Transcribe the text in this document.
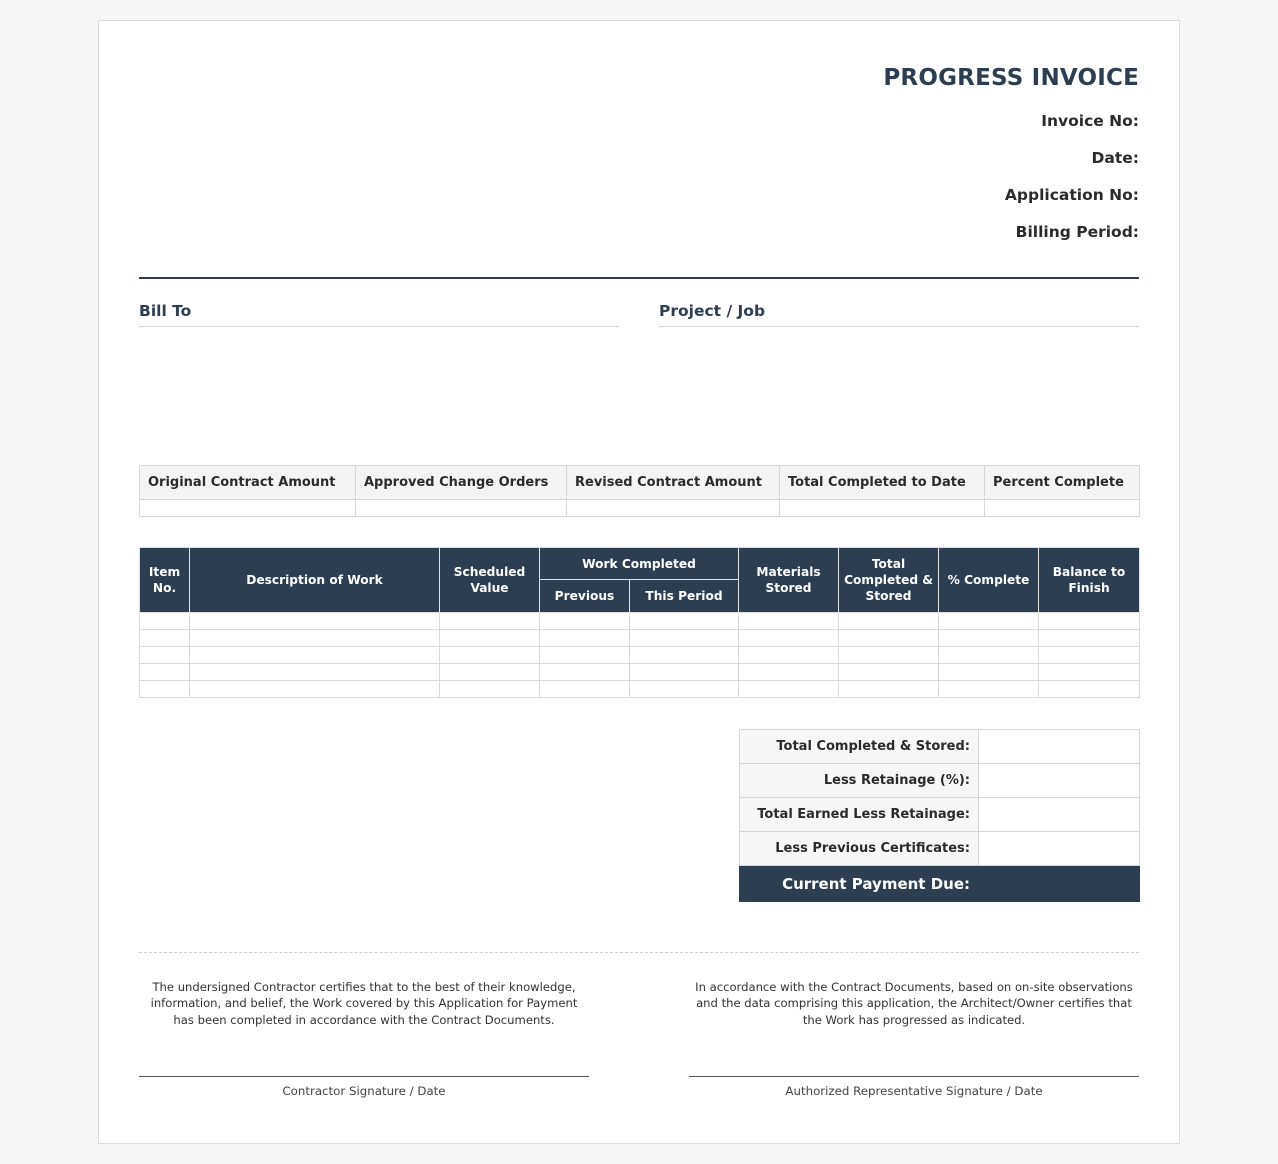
PROGRESS INVOICE
Invoice No:
Date:
Application No:
Billing Period:
Bill To	Project / Job
Original Contract Amount	Approved Change Orders	Revised Contract Amount	Total Completed to Date	Percent Complete

Item No.	Description of Work	Scheduled Value	Work Completed		Materials Stored	Total Completed & Stored	% Complete	Balance to Finish
			Previous	This Period				

Total Completed & Stored:	
Less Retainage (%):	
Total Earned Less Retainage:	
Less Previous Certificates:	
Current Payment Due:	
The undersigned Contractor certifies that to the best of their knowledge, information, and belief, the Work covered by this Application for Payment has been completed in accordance with the Contract Documents.
In accordance with the Contract Documents, based on on-site observations and the data comprising this application, the Architect/Owner certifies that the Work has progressed as indicated.
Contractor Signature / Date	Authorized Representative Signature / Date
